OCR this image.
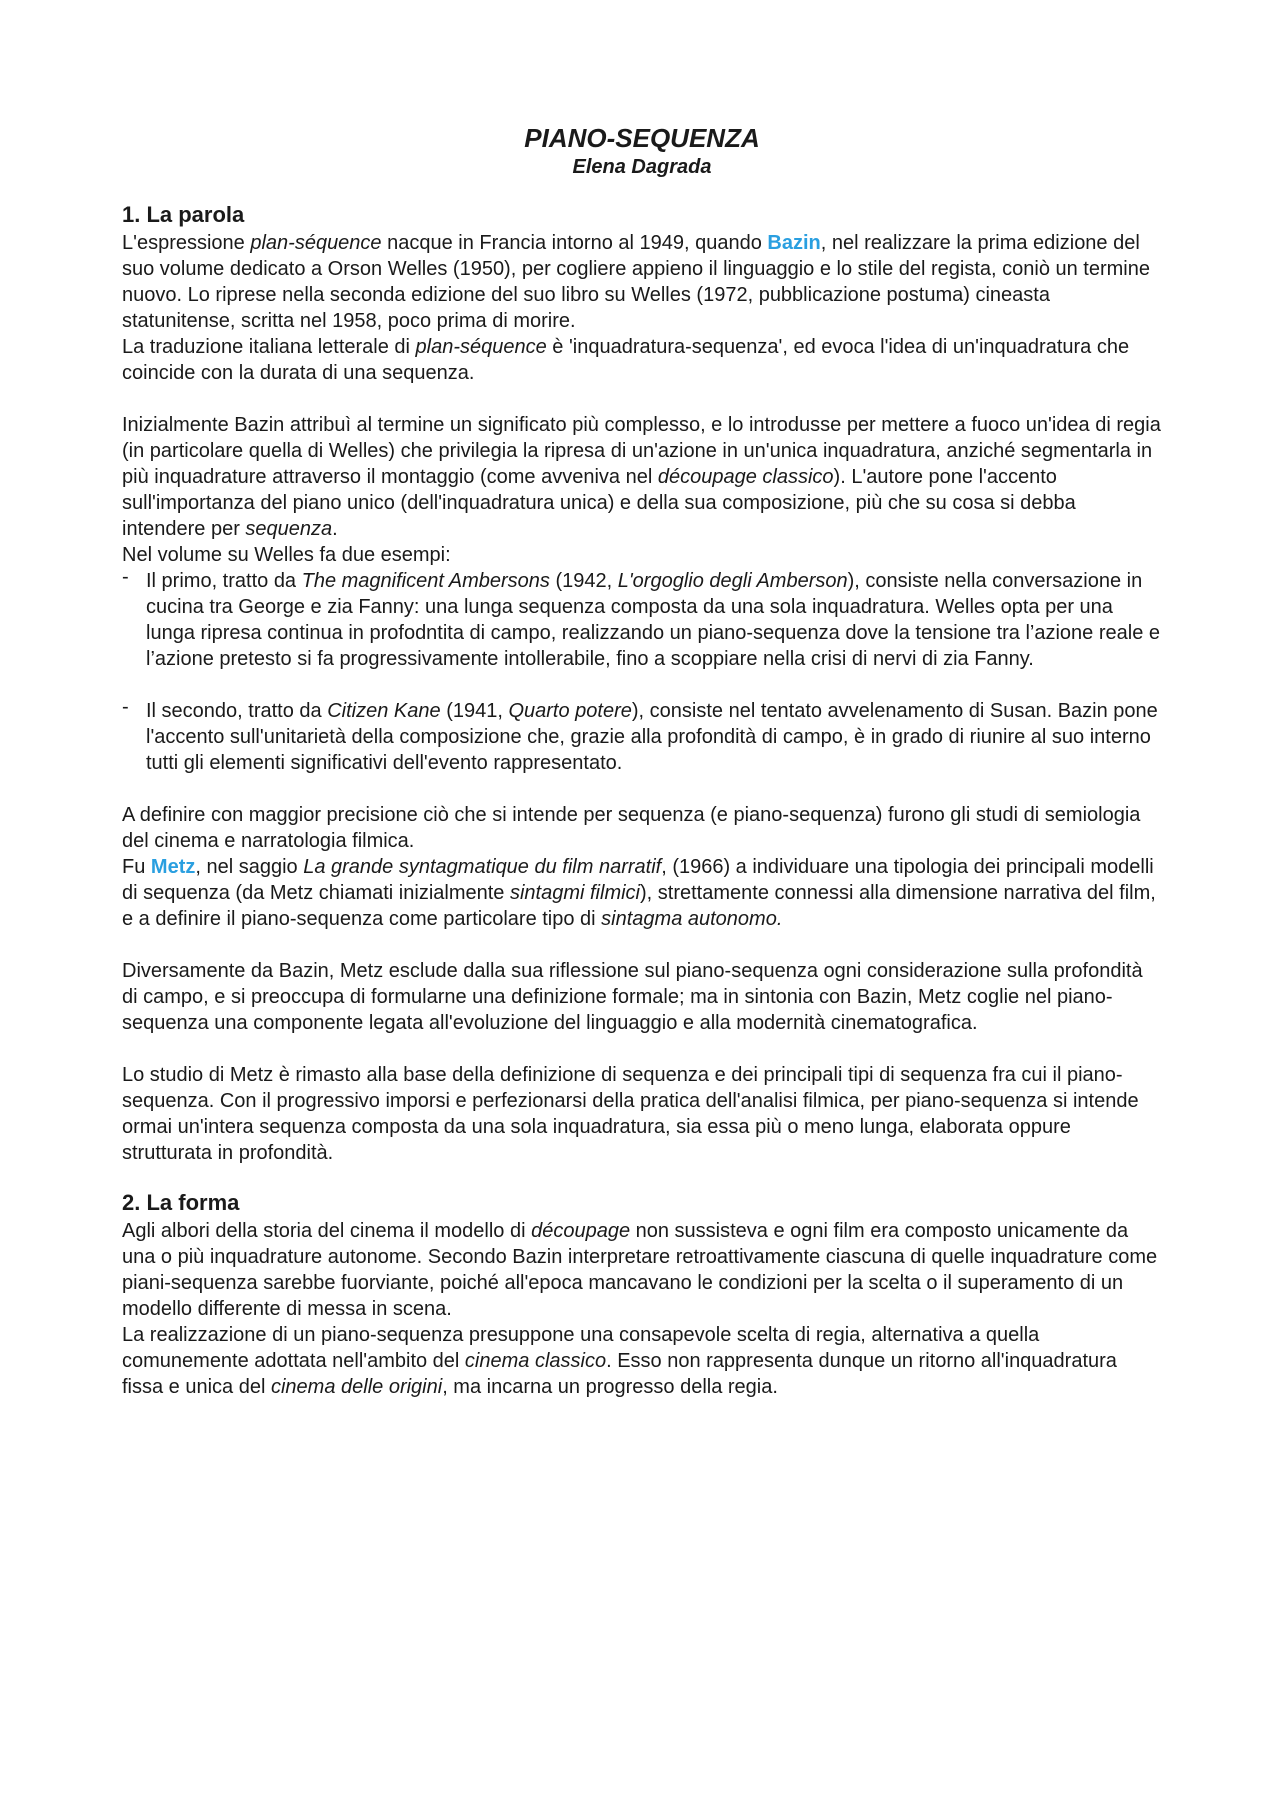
PIANO-SEQUENZA

Elena Dagrada

1. La parola

L'espressione plan-séquence nacque in Francia intorno al 1949, quando Bazin, nel realizzare la prima edizione del suo volume dedicato a Orson Welles (1950), per cogliere appieno il linguaggio e lo stile del regista, coniò un termine nuovo. Lo riprese nella seconda edizione del suo libro su Welles (1972, pubblicazione postuma) cineasta statunitense, scritta nel 1958, poco prima di morire.

La traduzione italiana letterale di plan-séquence è 'inquadratura-sequenza', ed evoca l'idea di un'inquadratura che coincide con la durata di una sequenza.

Inizialmente Bazin attribuì al termine un significato più complesso, e lo introdusse per mettere a fuoco un'idea di regia (in particolare quella di Welles) che privilegia la ripresa di un'azione in un'unica inquadratura, anziché segmentarla in più inquadrature attraverso il montaggio (come avveniva nel découpage classico). L'autore pone l'accento sull'importanza del piano unico (dell'inquadratura unica) e della sua composizione, più che su cosa si debba intendere per sequenza.

Nel volume su Welles fa due esempi:

- Il primo, tratto da The magnificent Ambersons (1942, L'orgoglio degli Amberson), consiste nella conversazione in cucina tra George e zia Fanny: una lunga sequenza composta da una sola inquadratura. Welles opta per una lunga ripresa continua in profodntita di campo, realizzando un piano-sequenza dove la tensione tra l’azione reale e l’azione pretesto si fa progressivamente intollerabile, fino a scoppiare nella crisi di nervi di zia Fanny.
- Il secondo, tratto da Citizen Kane (1941, Quarto potere), consiste nel tentato avvelenamento di Susan. Bazin pone l'accento sull'unitarietà della composizione che, grazie alla profondità di campo, è in grado di riunire al suo interno tutti gli elementi significativi dell'evento rappresentato.

A definire con maggior precisione ciò che si intende per sequenza (e piano-sequenza) furono gli studi di semiologia del cinema e narratologia filmica.

Fu Metz, nel saggio La grande syntagmatique du film narratif, (1966) a individuare una tipologia dei principali modelli di sequenza (da Metz chiamati inizialmente sintagmi filmici), strettamente connessi alla dimensione narrativa del film, e a definire il piano-sequenza come particolare tipo di sintagma autonomo.

Diversamente da Bazin, Metz esclude dalla sua riflessione sul piano-sequenza ogni considerazione sulla profondità di campo, e si preoccupa di formularne una definizione formale; ma in sintonia con Bazin, Metz coglie nel piano-sequenza una componente legata all'evoluzione del linguaggio e alla modernità cinematografica.

Lo studio di Metz è rimasto alla base della definizione di sequenza e dei principali tipi di sequenza fra cui il piano-sequenza. Con il progressivo imporsi e perfezionarsi della pratica dell'analisi filmica, per piano-sequenza si intende ormai un'intera sequenza composta da una sola inquadratura, sia essa più o meno lunga, elaborata oppure strutturata in profondità.

2. La forma

Agli albori della storia del cinema il modello di découpage non sussisteva e ogni film era composto unicamente da una o più inquadrature autonome. Secondo Bazin interpretare retroattivamente ciascuna di quelle inquadrature come piani-sequenza sarebbe fuorviante, poiché all'epoca mancavano le condizioni per la scelta o il superamento di un modello differente di messa in scena.

La realizzazione di un piano-sequenza presuppone una consapevole scelta di regia, alternativa a quella comunemente adottata nell'ambito del cinema classico. Esso non rappresenta dunque un ritorno all'inquadratura fissa e unica del cinema delle origini, ma incarna un progresso della regia.
